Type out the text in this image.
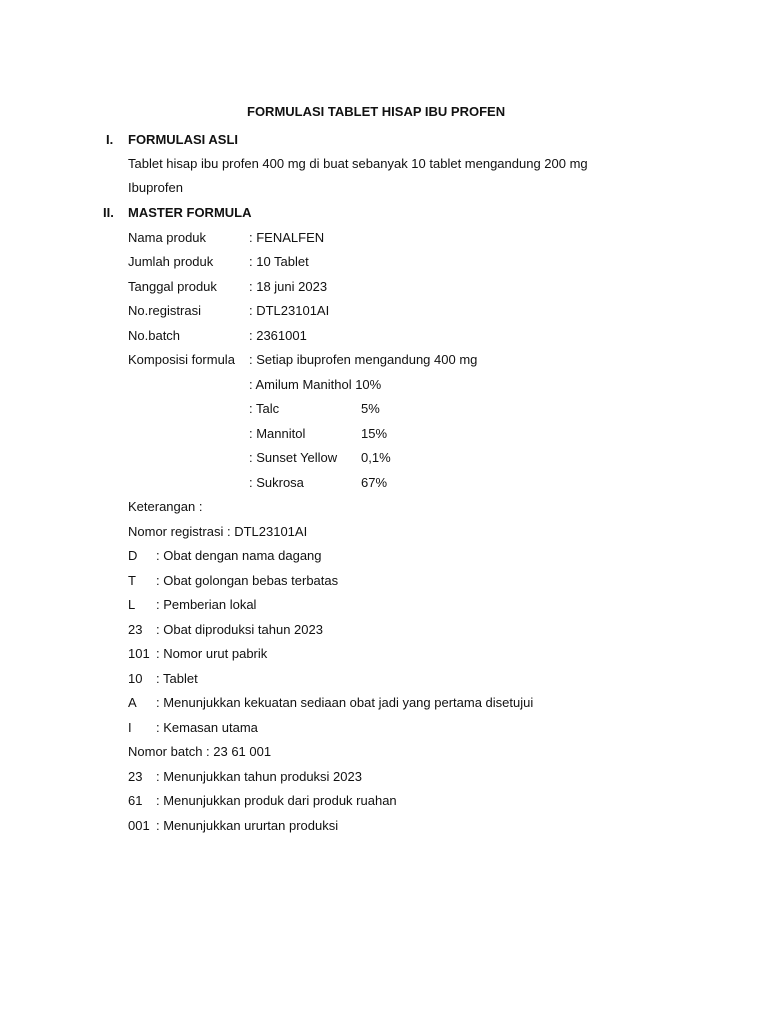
FORMULASI TABLET HISAP IBU PROFEN
I. FORMULASI ASLI
Tablet hisap ibu profen 400 mg di buat sebanyak 10 tablet mengandung 200 mg
Ibuprofen
II. MASTER FORMULA
Nama produk	: FENALFEN
Jumlah produk	: 10 Tablet
Tanggal produk : 18 juni 2023
No.registrasi	: DTL23101AI
No.batch	: 2361001
Komposisi formula : Setiap ibuprofen mengandung 400 mg
: Amilum Manithol 10%
: Talc	5%
: Mannitol	15%
: Sunset Yellow 0,1%
: Sukrosa	67%
Keterangan :
Nomor registrasi : DTL23101AI
D : Obat dengan nama dagang
T : Obat golongan bebas terbatas
L : Pemberian lokal
23 : Obat diproduksi tahun 2023
101 : Nomor urut pabrik
10 : Tablet
A : Menunjukkan kekuatan sediaan obat jadi yang pertama disetujui
I : Kemasan utama
Nomor batch : 23 61 001
23 : Menunjukkan tahun produksi 2023
61 : Menunjukkan produk dari produk ruahan
001 : Menunjukkan ururtan produksi
